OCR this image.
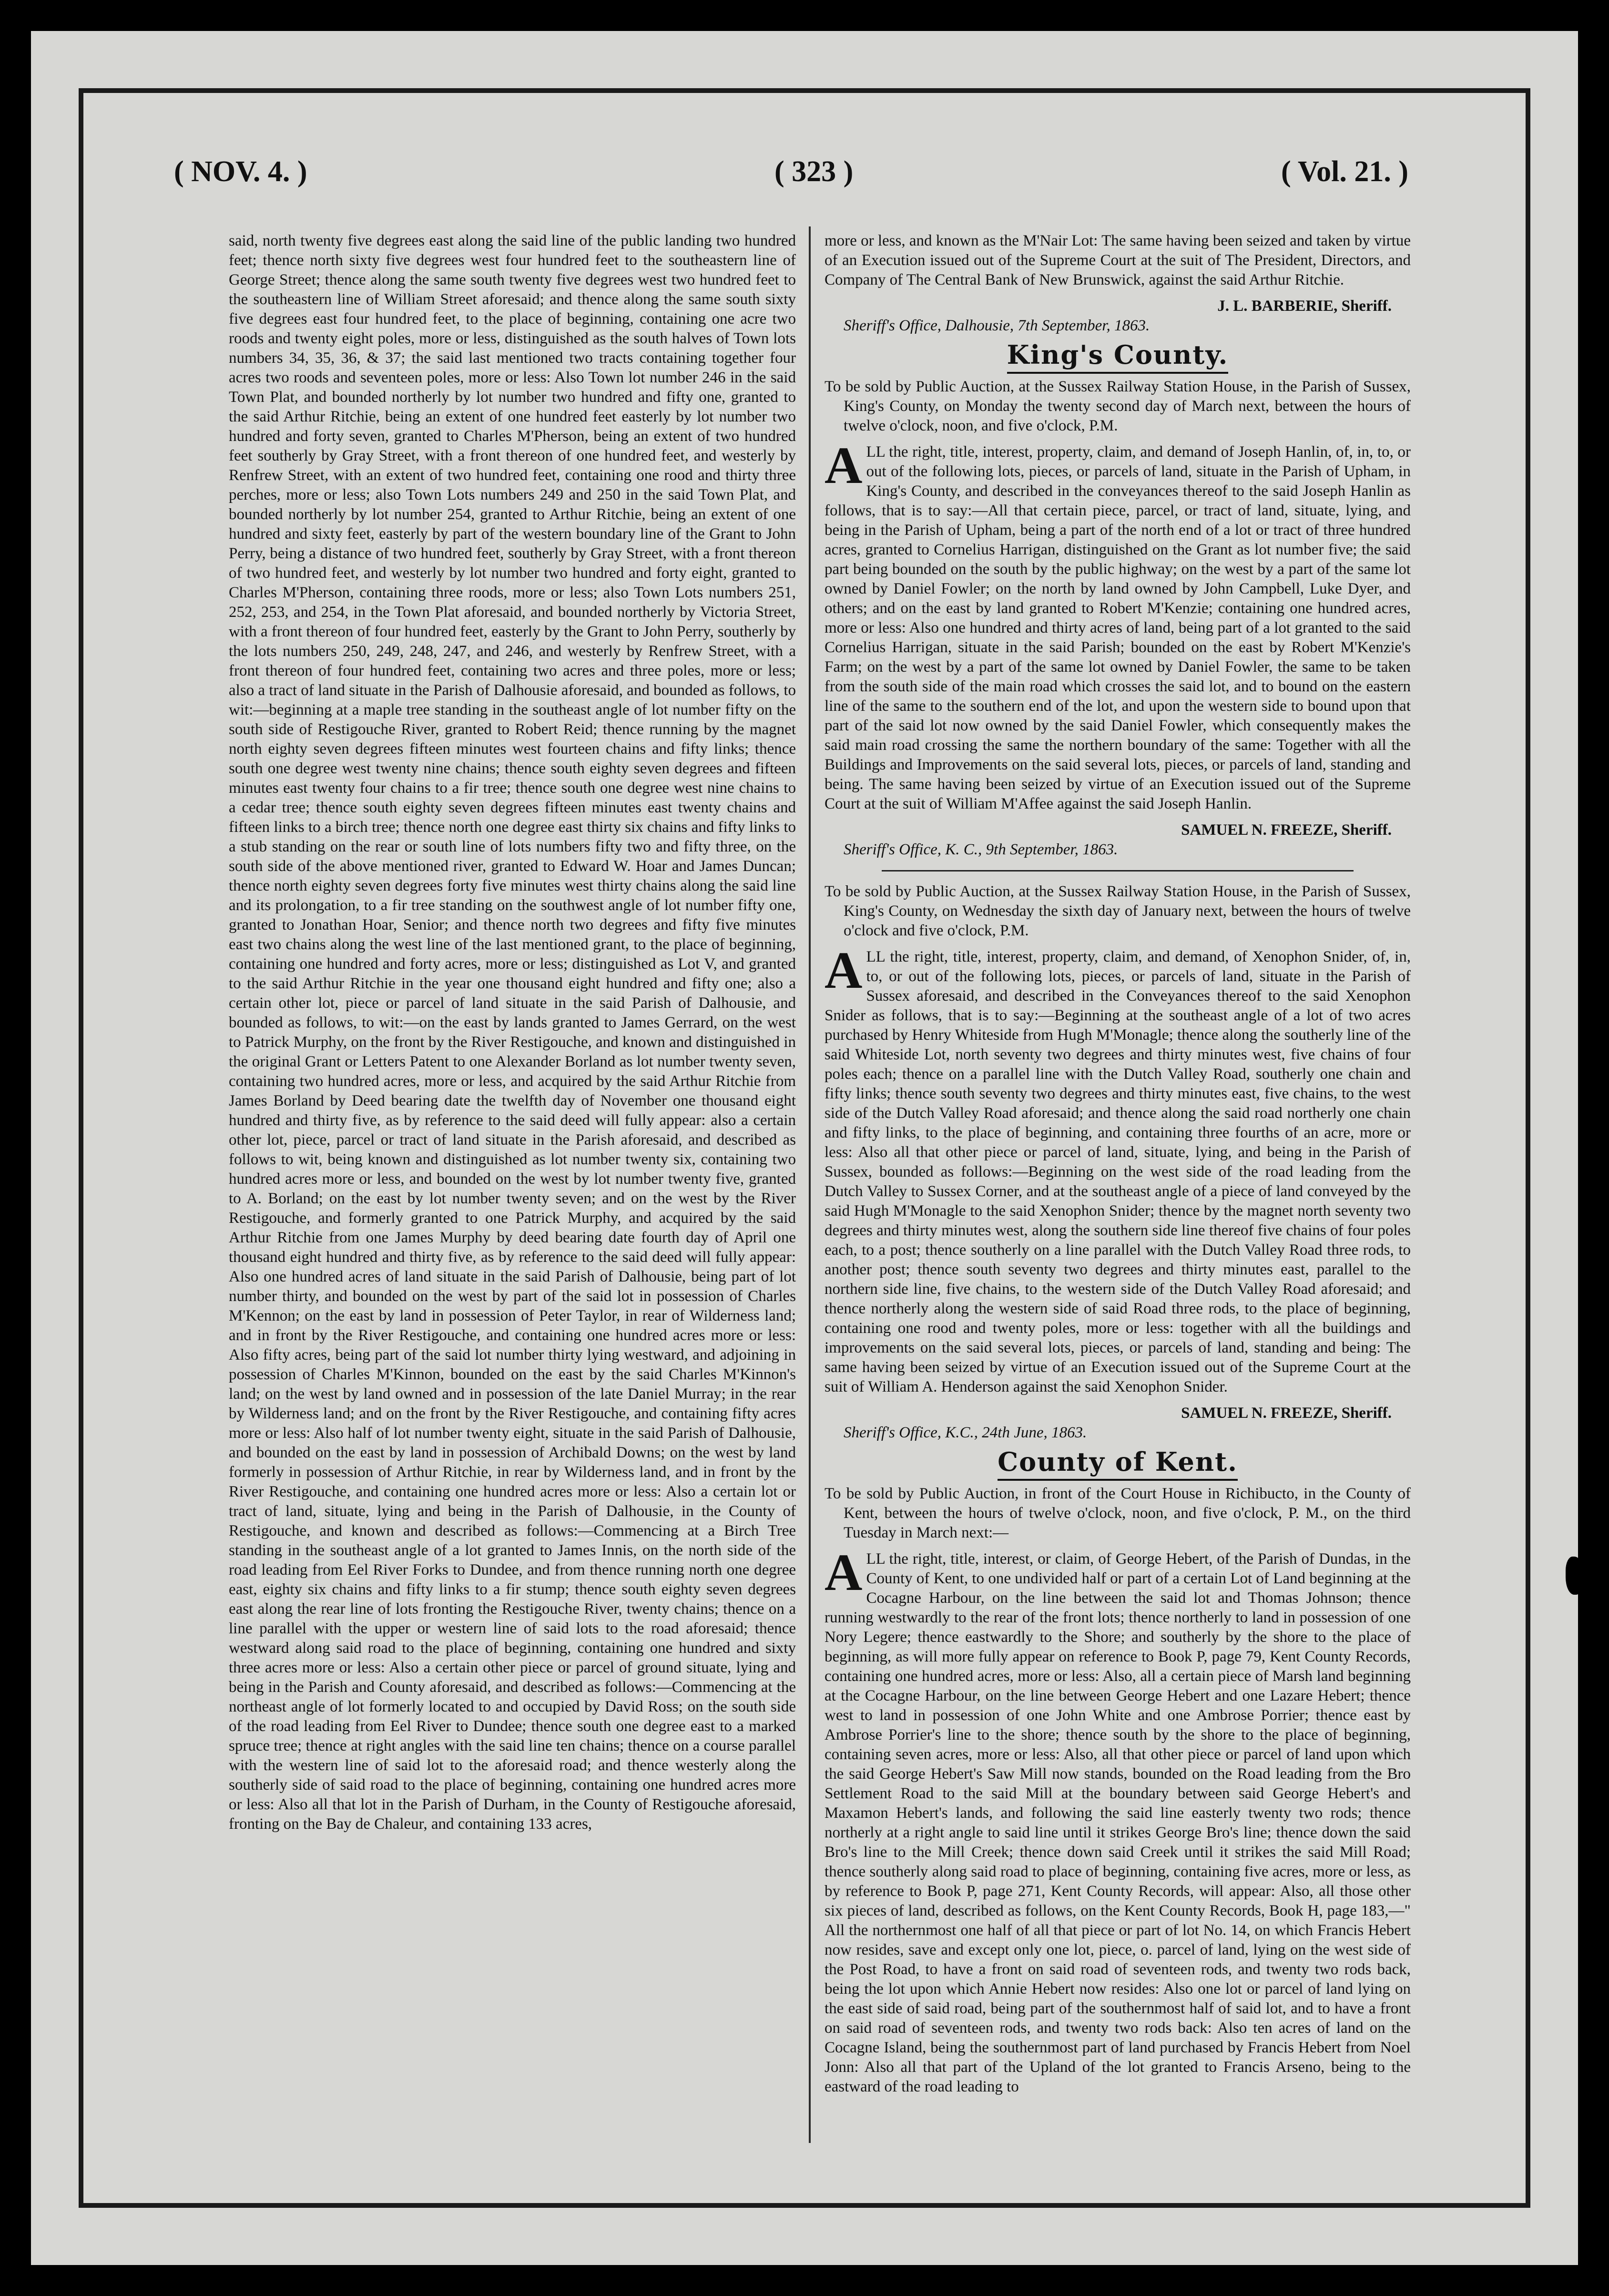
( NOV. 4. )	( 323 )	( Vol. 21. )

said, north twenty five degrees east along the said line of the public landing two hundred feet; thence north sixty five degrees west four hundred feet to the southeastern line of George Street; thence along the same south twenty five degrees west two hundred feet to the southeastern line of William Street aforesaid; and thence along the same south sixty five degrees east four hundred feet, to the place of beginning, containing one acre two roods and twenty eight poles, more or less, distinguished as the south halves of Town lots numbers 34, 35, 36, & 37; the said last mentioned two tracts containing together four acres two roods and seventeen poles, more or less: Also Town lot number 246 in the said Town Plat, and bounded northerly by lot number two hundred and fifty one, granted to the said Arthur Ritchie, being an extent of one hundred feet easterly by lot number two hundred and forty seven, granted to Charles M'Pherson, being an extent of two hundred feet southerly by Gray Street, with a front thereon of one hundred feet, and westerly by Renfrew Street, with an extent of two hundred feet, containing one rood and thirty three perches, more or less; also Town Lots numbers 249 and 250 in the said Town Plat, and bounded northerly by lot number 254, granted to Arthur Ritchie, being an extent of one hundred and sixty feet, easterly by part of the western boundary line of the Grant to John Perry, being a distance of two hundred feet, southerly by Gray Street, with a front thereon of two hundred feet, and westerly by lot number two hundred and forty eight, granted to Charles M'Pherson, containing three roods, more or less; also Town Lots numbers 251, 252, 253, and 254, in the Town Plat aforesaid, and bounded northerly by Victoria Street, with a front thereon of four hundred feet, easterly by the Grant to John Perry, southerly by the lots numbers 250, 249, 248, 247, and 246, and westerly by Renfrew Street, with a front thereon of four hundred feet, containing two acres and three poles, more or less; also a tract of land situate in the Parish of Dalhousie aforesaid, and bounded as follows, to wit:—beginning at a maple tree standing in the southeast angle of lot number fifty on the south side of Restigouche River, granted to Robert Reid; thence running by the magnet north eighty seven degrees fifteen minutes west fourteen chains and fifty links; thence south one degree west twenty nine chains; thence south eighty seven degrees and fifteen minutes east twenty four chains to a fir tree; thence south one degree west nine chains to a cedar tree; thence south eighty seven degrees fifteen minutes east twenty chains and fifteen links to a birch tree; thence north one degree east thirty six chains and fifty links to a stub standing on the rear or south line of lots numbers fifty two and fifty three, on the south side of the above mentioned river, granted to Edward W. Hoar and James Duncan; thence north eighty seven degrees forty five minutes west thirty chains along the said line and its prolongation, to a fir tree standing on the southwest angle of lot number fifty one, granted to Jonathan Hoar, Senior; and thence north two degrees and fifty five minutes east two chains along the west line of the last mentioned grant, to the place of beginning, containing one hundred and forty acres, more or less; distinguished as Lot V, and granted to the said Arthur Ritchie in the year one thousand eight hundred and fifty one; also a certain other lot, piece or parcel of land situate in the said Parish of Dalhousie, and bounded as follows, to wit:—on the east by lands granted to James Gerrard, on the west to Patrick Murphy, on the front by the River Restigouche, and known and distinguished in the original Grant or Letters Patent to one Alexander Borland as lot number twenty seven, containing two hundred acres, more or less, and acquired by the said Arthur Ritchie from James Borland by Deed bearing date the twelfth day of November one thousand eight hundred and thirty five, as by reference to the said deed will fully appear: also a certain other lot, piece, parcel or tract of land situate in the Parish aforesaid, and described as follows to wit, being known and distinguished as lot number twenty six, containing two hundred acres more or less, and bounded on the west by lot number twenty five, granted to A. Borland; on the east by lot number twenty seven; and on the west by the River Restigouche, and formerly granted to one Patrick Murphy, and acquired by the said Arthur Ritchie from one James Murphy by deed bearing date fourth day of April one thousand eight hundred and thirty five, as by reference to the said deed will fully appear: Also one hundred acres of land situate in the said Parish of Dalhousie, being part of lot number thirty, and bounded on the west by part of the said lot in possession of Charles M'Kennon; on the east by land in possession of Peter Taylor, in rear of Wilderness land; and in front by the River Restigouche, and containing one hundred acres more or less: Also fifty acres, being part of the said lot number thirty lying westward, and adjoining in possession of Charles M'Kinnon, bounded on the east by the said Charles M'Kinnon's land; on the west by land owned and in possession of the late Daniel Murray; in the rear by Wilderness land; and on the front by the River Restigouche, and containing fifty acres more or less: Also half of lot number twenty eight, situate in the said Parish of Dalhousie, and bounded on the east by land in possession of Archibald Downs; on the west by land formerly in possession of Arthur Ritchie, in rear by Wilderness land, and in front by the River Restigouche, and containing one hundred acres more or less: Also a certain lot or tract of land, situate, lying and being in the Parish of Dalhousie, in the County of Restigouche, and known and described as follows:—Commencing at a Birch Tree standing in the southeast angle of a lot granted to James Innis, on the north side of the road leading from Eel River Forks to Dundee, and from thence running north one degree east, eighty six chains and fifty links to a fir stump; thence south eighty seven degrees east along the rear line of lots fronting the Restigouche River, twenty chains; thence on a line parallel with the upper or western line of said lots to the road aforesaid; thence westward along said road to the place of beginning, containing one hundred and sixty three acres more or less: Also a certain other piece or parcel of ground situate, lying and being in the Parish and County aforesaid, and described as follows:—Commencing at the northeast angle of lot formerly located to and occupied by David Ross; on the south side of the road leading from Eel River to Dundee; thence south one degree east to a marked spruce tree; thence at right angles with the said line ten chains; thence on a course parallel with the western line of said lot to the aforesaid road; and thence westerly along the southerly side of said road to the place of beginning, containing one hundred acres more or less: Also all that lot in the Parish of Durham, in the County of Restigouche aforesaid, fronting on the Bay de Chaleur, and containing 133 acres,

more or less, and known as the M'Nair Lot: The same having been seized and taken by virtue of an Execution issued out of the Supreme Court at the suit of The President, Directors, and Company of The Central Bank of New Brunswick, against the said Arthur Ritchie.

J. L. BARBERIE, Sheriff.

Sheriff's Office, Dalhousie, 7th September, 1863.

King's County.

To be sold by Public Auction, at the Sussex Railway Station House, in the Parish of Sussex, King's County, on Monday the twenty second day of March next, between the hours of twelve o'clock, noon, and five o'clock, P.M.

ALL the right, title, interest, property, claim, and demand of Joseph Hanlin, of, in, to, or out of the following lots, pieces, or parcels of land, situate in the Parish of Upham, in King's County, and described in the conveyances thereof to the said Joseph Hanlin as follows, that is to say:—All that certain piece, parcel, or tract of land, situate, lying, and being in the Parish of Upham, being a part of the north end of a lot or tract of three hundred acres, granted to Cornelius Harrigan, distinguished on the Grant as lot number five; the said part being bounded on the south by the public highway; on the west by a part of the same lot owned by Daniel Fowler; on the north by land owned by John Campbell, Luke Dyer, and others; and on the east by land granted to Robert M'Kenzie; containing one hundred acres, more or less: Also one hundred and thirty acres of land, being part of a lot granted to the said Cornelius Harrigan, situate in the said Parish; bounded on the east by Robert M'Kenzie's Farm; on the west by a part of the same lot owned by Daniel Fowler, the same to be taken from the south side of the main road which crosses the said lot, and to bound on the eastern line of the same to the southern end of the lot, and upon the western side to bound upon that part of the said lot now owned by the said Daniel Fowler, which consequently makes the said main road crossing the same the northern boundary of the same: Together with all the Buildings and Improvements on the said several lots, pieces, or parcels of land, standing and being. The same having been seized by virtue of an Execution issued out of the Supreme Court at the suit of William M'Affee against the said Joseph Hanlin.

SAMUEL N. FREEZE, Sheriff.

Sheriff's Office, K. C., 9th September, 1863.

To be sold by Public Auction, at the Sussex Railway Station House, in the Parish of Sussex, King's County, on Wednesday the sixth day of January next, between the hours of twelve o'clock and five o'clock, P.M.

ALL the right, title, interest, property, claim, and demand, of Xenophon Snider, of, in, to, or out of the following lots, pieces, or parcels of land, situate in the Parish of Sussex aforesaid, and described in the Conveyances thereof to the said Xenophon Snider as follows, that is to say:—Beginning at the southeast angle of a lot of two acres purchased by Henry Whiteside from Hugh M'Monagle; thence along the southerly line of the said Whiteside Lot, north seventy two degrees and thirty minutes west, five chains of four poles each; thence on a parallel line with the Dutch Valley Road, southerly one chain and fifty links; thence south seventy two degrees and thirty minutes east, five chains, to the west side of the Dutch Valley Road aforesaid; and thence along the said road northerly one chain and fifty links, to the place of beginning, and containing three fourths of an acre, more or less: Also all that other piece or parcel of land, situate, lying, and being in the Parish of Sussex, bounded as follows:—Beginning on the west side of the road leading from the Dutch Valley to Sussex Corner, and at the southeast angle of a piece of land conveyed by the said Hugh M'Monagle to the said Xenophon Snider; thence by the magnet north seventy two degrees and thirty minutes west, along the southern side line thereof five chains of four poles each, to a post; thence southerly on a line parallel with the Dutch Valley Road three rods, to another post; thence south seventy two degrees and thirty minutes east, parallel to the northern side line, five chains, to the western side of the Dutch Valley Road aforesaid; and thence northerly along the western side of said Road three rods, to the place of beginning, containing one rood and twenty poles, more or less: together with all the buildings and improvements on the said several lots, pieces, or parcels of land, standing and being: The same having been seized by virtue of an Execution issued out of the Supreme Court at the suit of William A. Henderson against the said Xenophon Snider.

SAMUEL N. FREEZE, Sheriff.

Sheriff's Office, K.C., 24th June, 1863.

County of Kent.

To be sold by Public Auction, in front of the Court House in Richibucto, in the County of Kent, between the hours of twelve o'clock, noon, and five o'clock, P. M., on the third Tuesday in March next:—

ALL the right, title, interest, or claim, of George Hebert, of the Parish of Dundas, in the County of Kent, to one undivided half or part of a certain Lot of Land beginning at the Cocagne Harbour, on the line between the said lot and Thomas Johnson; thence running westwardly to the rear of the front lots; thence northerly to land in possession of one Nory Legere; thence eastwardly to the Shore; and southerly by the shore to the place of beginning, as will more fully appear on reference to Book P, page 79, Kent County Records, containing one hundred acres, more or less: Also, all a certain piece of Marsh land beginning at the Cocagne Harbour, on the line between George Hebert and one Lazare Hebert; thence west to land in possession of one John White and one Ambrose Porrier; thence east by Ambrose Porrier's line to the shore; thence south by the shore to the place of beginning, containing seven acres, more or less: Also, all that other piece or parcel of land upon which the said George Hebert's Saw Mill now stands, bounded on the Road leading from the Bro Settlement Road to the said Mill at the boundary between said George Hebert's and Maxamon Hebert's lands, and following the said line easterly twenty two rods; thence northerly at a right angle to said line until it strikes George Bro's line; thence down the said Bro's line to the Mill Creek; thence down said Creek until it strikes the said Mill Road; thence southerly along said road to place of beginning, containing five acres, more or less, as by reference to Book P, page 271, Kent County Records, will appear: Also, all those other six pieces of land, described as follows, on the Kent County Records, Book H, page 183,—" All the northernmost one half of all that piece or part of lot No. 14, on which Francis Hebert now resides, save and except only one lot, piece, o. parcel of land, lying on the west side of the Post Road, to have a front on said road of seventeen rods, and twenty two rods back, being the lot upon which Annie Hebert now resides: Also one lot or parcel of land lying on the east side of said road, being part of the southernmost half of said lot, and to have a front on said road of seventeen rods, and twenty two rods back: Also ten acres of land on the Cocagne Island, being the southernmost part of land purchased by Francis Hebert from Noel Jonn: Also all that part of the Upland of the lot granted to Francis Arseno, being to the eastward of the road leading to
